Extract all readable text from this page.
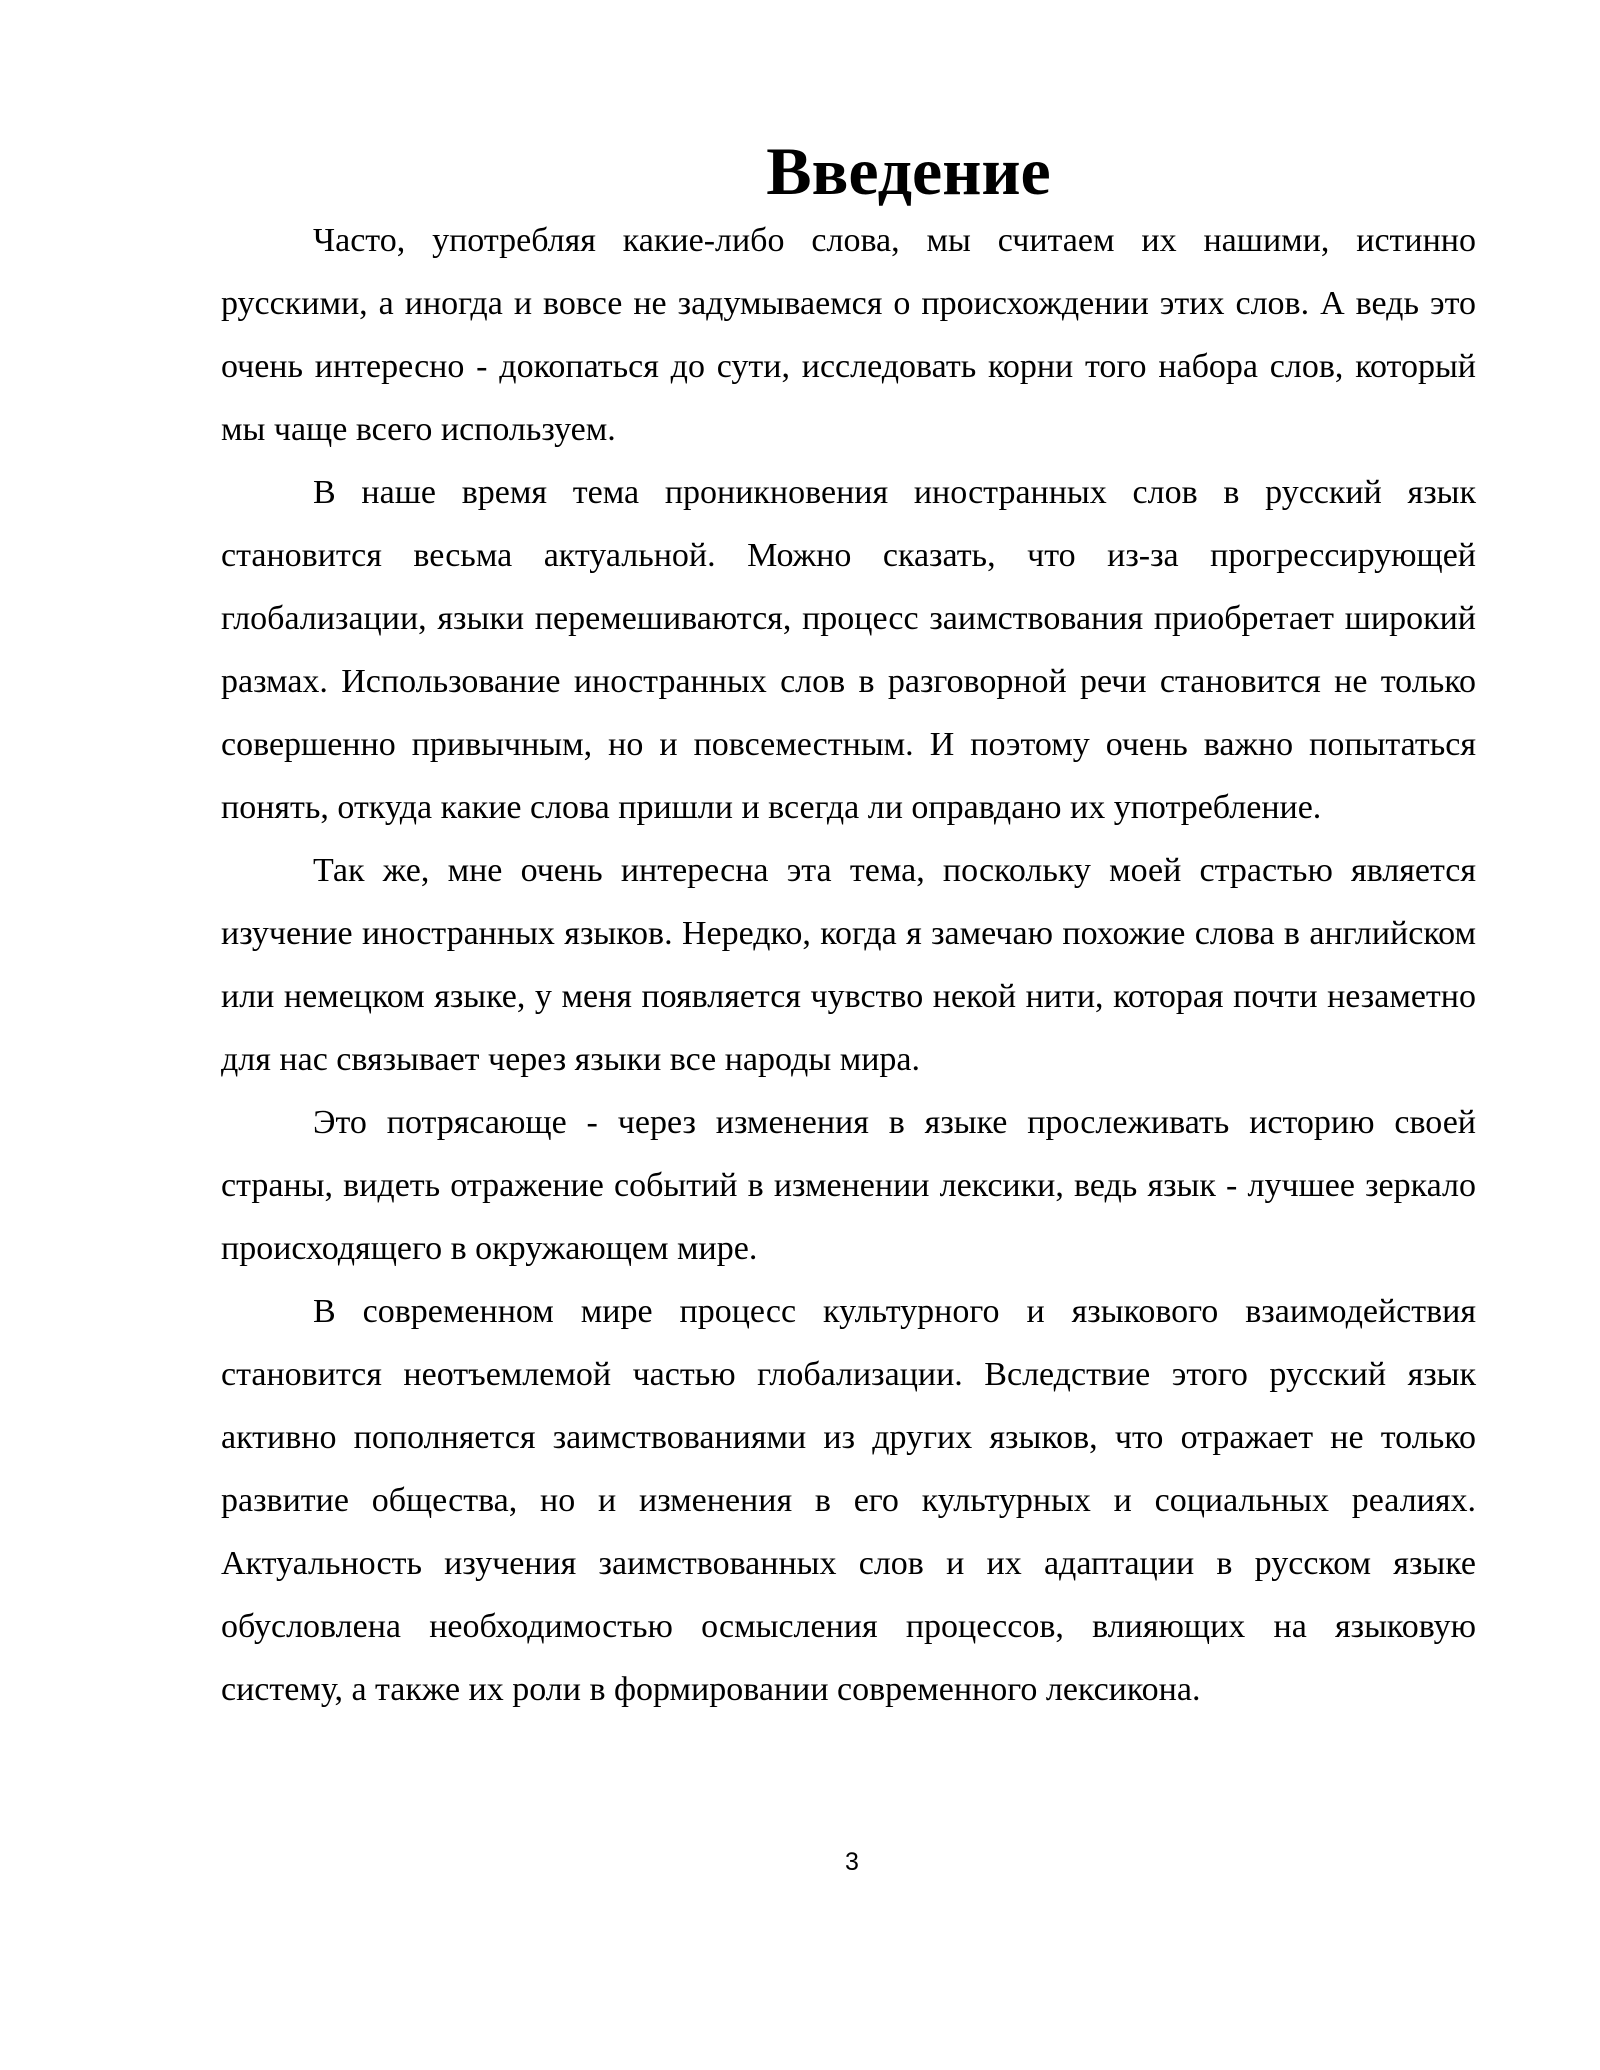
Введение

Часто, употребляя какие-либо слова, мы считаем их нашими, истинно русскими, а иногда и вовсе не задумываемся о происхождении этих слов. А ведь это очень интересно - докопаться до сути, исследовать корни того набора слов, который мы чаще всего используем.

В наше время тема проникновения иностранных слов в русский язык становится весьма актуальной. Можно сказать, что из-за прогрессирующей глобализации, языки перемешиваются, процесс заимствования приобретает широкий размах. Использование иностранных слов в разговорной речи становится не только совершенно привычным, но и повсеместным. И поэтому очень важно попытаться понять, откуда какие слова пришли и всегда ли оправдано их употребление.

Так же, мне очень интересна эта тема, поскольку моей страстью является изучение иностранных языков. Нередко, когда я замечаю похожие слова в английском или немецком языке, у меня появляется чувство некой нити, которая почти незаметно для нас связывает через языки все народы мира.

Это потрясающе - через изменения в языке прослеживать историю своей страны, видеть отражение событий в изменении лексики, ведь язык - лучшее зеркало происходящего в окружающем мире.

В современном мире процесс культурного и языкового взаимодействия становится неотъемлемой частью глобализации. Вследствие этого русский язык активно пополняется заимствованиями из других языков, что отражает не только развитие общества, но и изменения в его культурных и социальных реалиях. Актуальность изучения заимствованных слов и их адаптации в русском языке обусловлена необходимостью осмысления процессов, влияющих на языковую систему, а также их роли в формировании современного лексикона.

3
